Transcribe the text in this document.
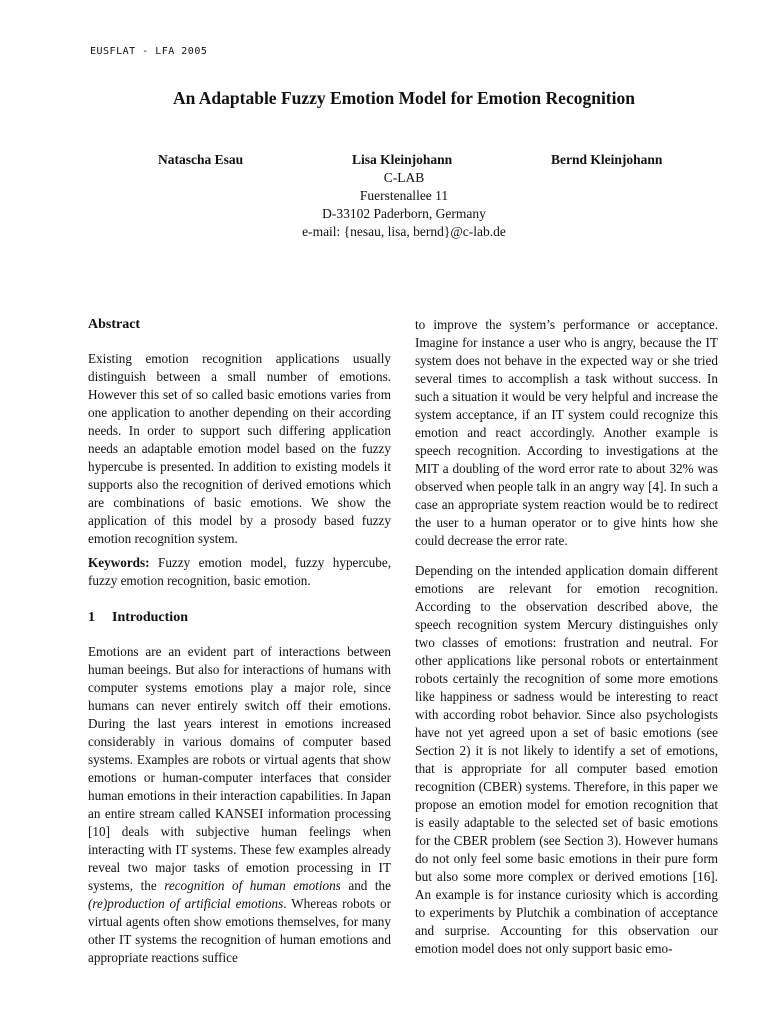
EUSFLAT - LFA 2005
An Adaptable Fuzzy Emotion Model for Emotion Recognition
Natascha Esau	Lisa Kleinjohann	Bernd Kleinjohann
C-LAB
Fuerstenallee 11
D-33102 Paderborn, Germany
e-mail: {nesau, lisa, bernd}@c-lab.de

Abstract

Existing emotion recognition applications usually distinguish between a small number of emotions. However this set of so called basic emotions varies from one application to another depending on their according needs. In order to support such differing application needs an adaptable emotion model based on the fuzzy hypercube is presented. In addition to existing models it supports also the recognition of derived emotions which are combinations of basic emotions. We show the application of this model by a prosody based fuzzy emotion recognition system.

Keywords: Fuzzy emotion model, fuzzy hypercube, fuzzy emotion recognition, basic emotion.

1 Introduction

Emotions are an evident part of interactions between human beeings. But also for interactions of humans with computer systems emotions play a major role, since humans can never entirely switch off their emotions. During the last years interest in emotions increased considerably in various domains of computer based systems. Examples are robots or virtual agents that show emotions or human-computer interfaces that consider human emotions in their interaction capabilities. In Japan an entire stream called KANSEI information processing [10] deals with subjective human feelings when interacting with IT systems. These few examples already reveal two major tasks of emotion processing in IT systems, the recognition of human emotions and the (re)production of artificial emotions. Whereas robots or virtual agents often show emotions themselves, for many other IT systems the recognition of human emotions and appropriate reactions suffice

to improve the system’s performance or acceptance. Imagine for instance a user who is angry, because the IT system does not behave in the expected way or she tried several times to accomplish a task without success. In such a situation it would be very helpful and increase the system acceptance, if an IT system could recognize this emotion and react accordingly. Another example is speech recognition. According to investigations at the MIT a doubling of the word error rate to about 32% was observed when people talk in an angry way [4]. In such a case an appropriate system reaction would be to redirect the user to a human operator or to give hints how she could decrease the error rate.

Depending on the intended application domain different emotions are relevant for emotion recognition. According to the observation described above, the speech recognition system Mercury distinguishes only two classes of emotions: frustration and neutral. For other applications like personal robots or entertainment robots certainly the recognition of some more emotions like happiness or sadness would be interesting to react with according robot behavior. Since also psychologists have not yet agreed upon a set of basic emotions (see Section 2) it is not likely to identify a set of emotions, that is appropriate for all computer based emotion recognition (CBER) systems. Therefore, in this paper we propose an emotion model for emotion recognition that is easily adaptable to the selected set of basic emotions for the CBER problem (see Section 3). However humans do not only feel some basic emotions in their pure form but also some more complex or derived emotions [16]. An example is for instance curiosity which is according to experiments by Plutchik a combination of acceptance and surprise. Accounting for this observation our emotion model does not only support basic emo-
